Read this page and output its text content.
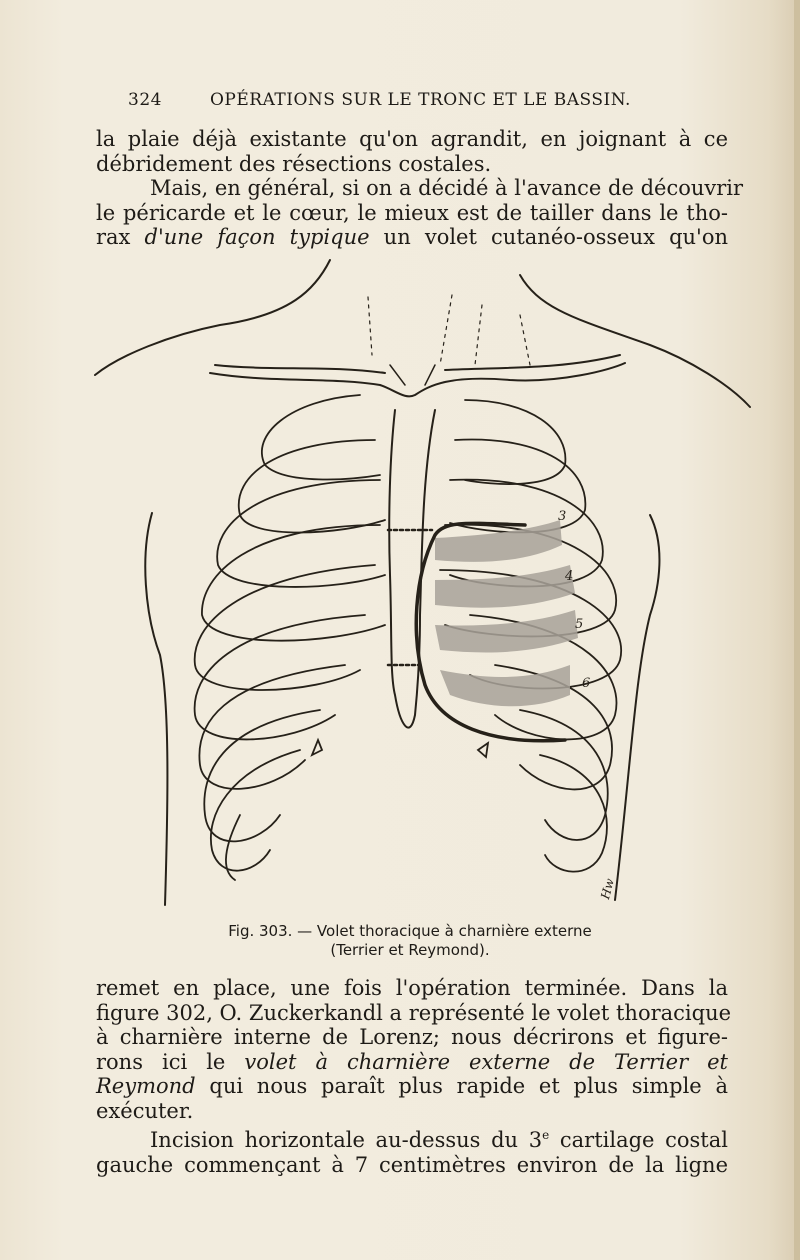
324	OPÉRATIONS SUR LE TRONC ET LE BASSIN.
la plaie déjà existante qu'on agrandit, en joignant à ce
débridement des résections costales.
Mais, en général, si on a décidé à l'avance de découvrir
le péricarde et le cœur, le mieux est de tailler dans le tho-
rax d'une façon typique un volet cutanéo-osseux qu'on
3
4
5
6
Hw
Fig. 303. — Volet thoracique à charnière externe
(Terrier et Reymond).
remet en place, une fois l'opération terminée. Dans la
figure 302, O. Zuckerkandl a représenté le volet thoracique
à charnière interne de Lorenz; nous décrirons et figure-
rons ici le volet à charnière externe de Terrier et
Reymond qui nous paraît plus rapide et plus simple à
exécuter.
Incision horizontale au-dessus du 3e cartilage costal
gauche commençant à 7 centimètres environ de la ligne
